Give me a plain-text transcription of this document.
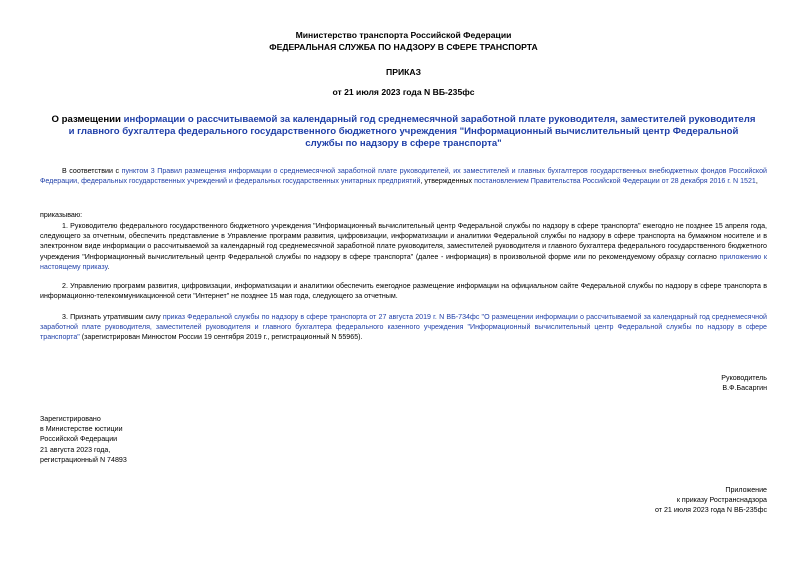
Министерство транспорта Российской Федерации
ФЕДЕРАЛЬНАЯ СЛУЖБА ПО НАДЗОРУ В СФЕРЕ ТРАНСПОРТА
ПРИКАЗ
от 21 июля 2023 года N ВБ-235фс
О размещении информации о рассчитываемой за календарный год среднемесячной заработной плате руководителя, заместителей руководителя и главного бухгалтера федерального государственного бюджетного учреждения "Информационный вычислительный центр Федеральной службы по надзору в сфере транспорта"
В соответствии с пунктом 3 Правил размещения информации о среднемесячной заработной плате руководителей, их заместителей и главных бухгалтеров государственных внебюджетных фондов Российской Федерации, федеральных государственных учреждений и федеральных государственных унитарных предприятий, утвержденных постановлением Правительства Российской Федерации от 28 декабря 2016 г. N 1521,
приказываю:
1. Руководителю федерального государственного бюджетного учреждения "Информационный вычислительный центр Федеральной службы по надзору в сфере транспорта" ежегодно не позднее 15 апреля года, следующего за отчетным, обеспечить представление в Управление программ развития, цифровизации, информатизации и аналитики Федеральной службы по надзору в сфере транспорта на бумажном носителе и в электронном виде информации о рассчитываемой за календарный год среднемесячной заработной плате руководителя, заместителей руководителя и главного бухгалтера федерального государственного бюджетного учреждения "Информационный вычислительный центр Федеральной службы по надзору в сфере транспорта" (далее - информация) в произвольной форме или по рекомендуемому образцу согласно приложению к настоящему приказу.
2. Управлению программ развития, цифровизации, информатизации и аналитики обеспечить ежегодное размещение информации на официальном сайте Федеральной службы по надзору в сфере транспорта в информационно-телекоммуникационной сети "Интернет" не позднее 15 мая года, следующего за отчетным.
3. Признать утратившим силу приказ Федеральной службы по надзору в сфере транспорта от 27 августа 2019 г. N ВБ-734фс "О размещении информации о рассчитываемой за календарный год среднемесячной заработной плате руководителя, заместителей руководителя и главного бухгалтера федерального казенного учреждения "Информационный вычислительный центр Федеральной службы по надзору в сфере транспорта" (зарегистрирован Минюстом России 19 сентября 2019 г., регистрационный N 55965).
Руководитель
В.Ф.Басаргин
Зарегистрировано
в Министерстве юстиции
Российской Федерации
21 августа 2023 года,
регистрационный N 74893
Приложение
к приказу Ространснадзора
от 21 июля 2023 года N ВБ-235фс
